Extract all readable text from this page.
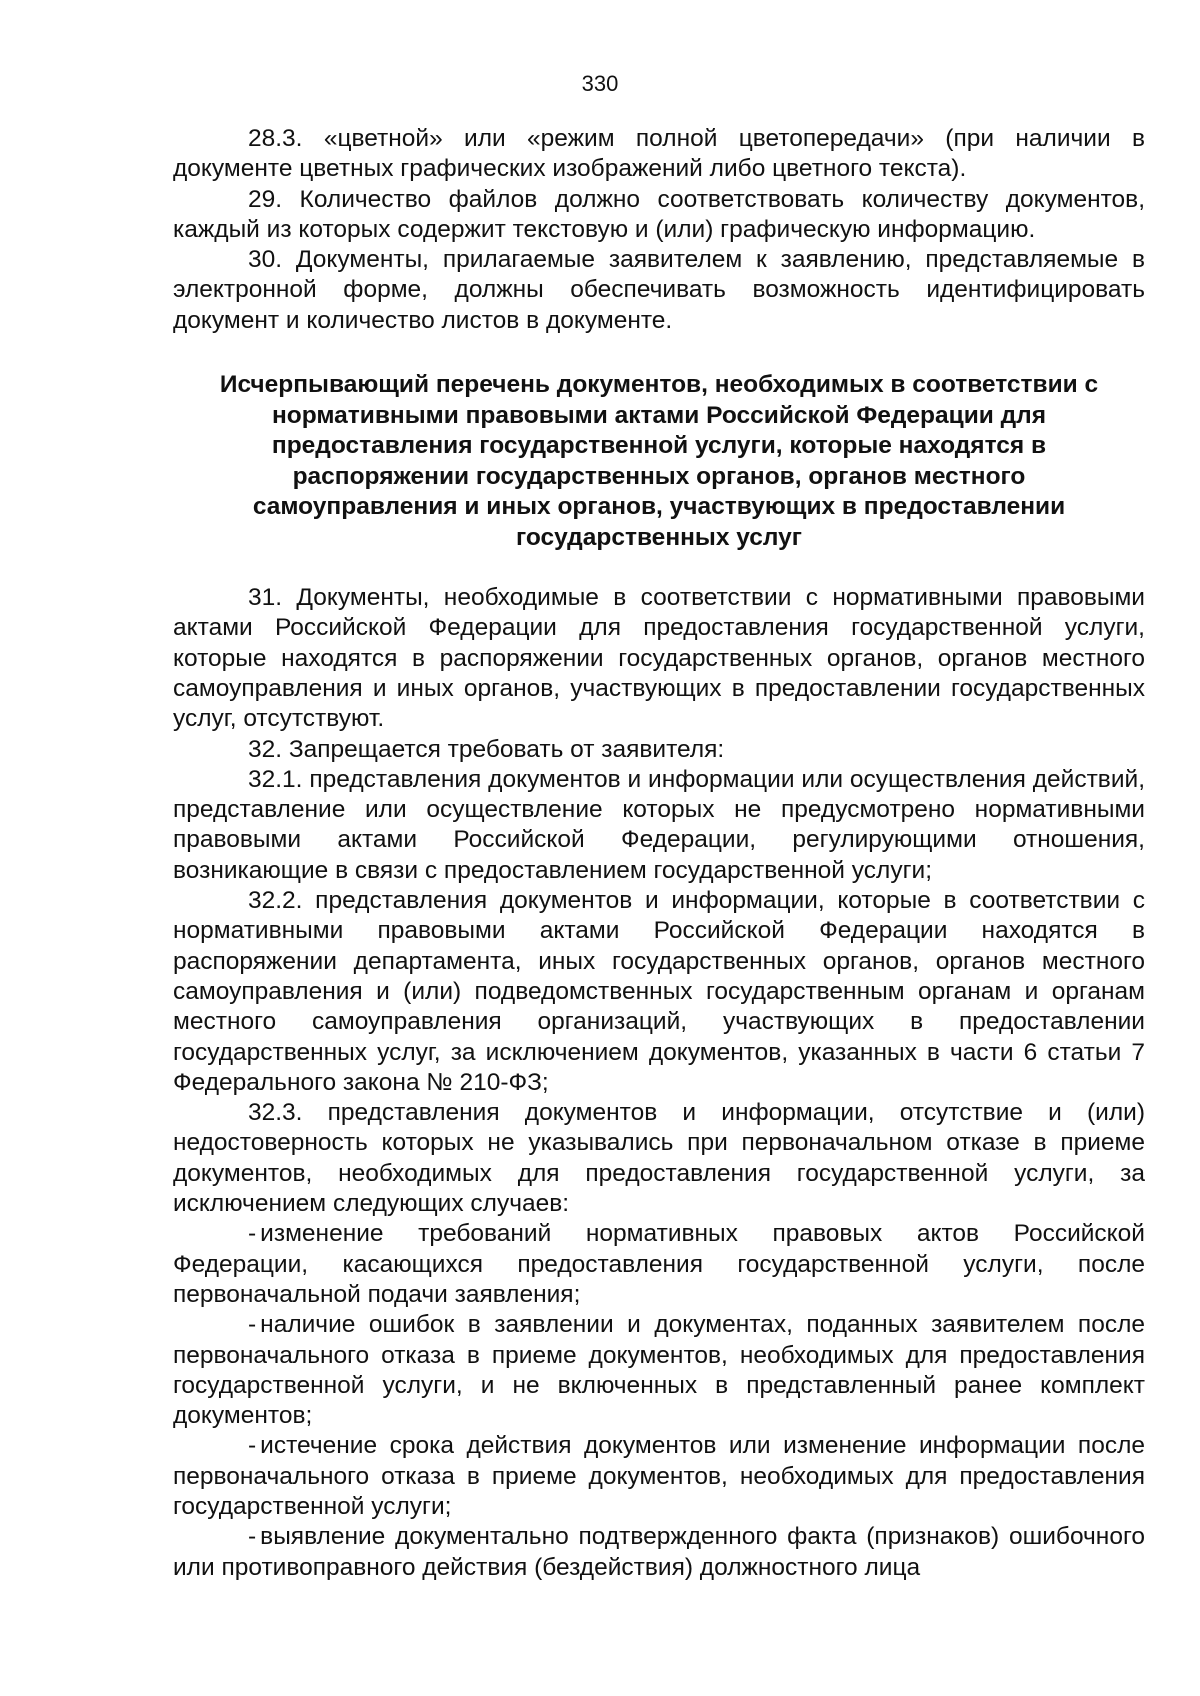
330

28.3. «цветной» или «режим полной цветопередачи» (при наличии в документе цветных графических изображений либо цветного текста).

29. Количество файлов должно соответствовать количеству документов, каждый из которых содержит текстовую и (или) графическую информацию.

30. Документы, прилагаемые заявителем к заявлению, представляемые в электронной форме, должны обеспечивать возможность идентифицировать документ и количество листов в документе.

Исчерпывающий перечень документов, необходимых в соответствии с
нормативными правовыми актами Российской Федерации для
предоставления государственной услуги, которые находятся в
распоряжении государственных органов, органов местного
самоуправления и иных органов, участвующих в предоставлении
государственных услуг

31. Документы, необходимые в соответствии с нормативными правовыми актами Российской Федерации для предоставления государственной услуги, которые находятся в распоряжении государственных органов, органов местного самоуправления и иных органов, участвующих в предоставлении государственных услуг, отсутствуют.

32. Запрещается требовать от заявителя:

32.1. представления документов и информации или осуществления действий, представление или осуществление которых не предусмотрено нормативными правовыми актами Российской Федерации, регулирующими отношения, возникающие в связи с предоставлением государственной услуги;

32.2. представления документов и информации, которые в соответствии с нормативными правовыми актами Российской Федерации находятся в распоряжении департамента, иных государственных органов, органов местного самоуправления и (или) подведомственных государственным органам и органам местного самоуправления организаций, участвующих в предоставлении государственных услуг, за исключением документов, указанных в части 6 статьи 7 Федерального закона № 210-ФЗ;

32.3. представления документов и информации, отсутствие и (или) недостоверность которых не указывались при первоначальном отказе в приеме документов, необходимых для предоставления государственной услуги, за исключением следующих случаев:

- изменение требований нормативных правовых актов Российской Федерации, касающихся предоставления государственной услуги, после первоначальной подачи заявления;

- наличие ошибок в заявлении и документах, поданных заявителем после первоначального отказа в приеме документов, необходимых для предоставления государственной услуги, и не включенных в представленный ранее комплект документов;

- истечение срока действия документов или изменение информации после первоначального отказа в приеме документов, необходимых для предоставления государственной услуги;

- выявление документально подтвержденного факта (признаков) ошибочного или противоправного действия (бездействия) должностного лица
